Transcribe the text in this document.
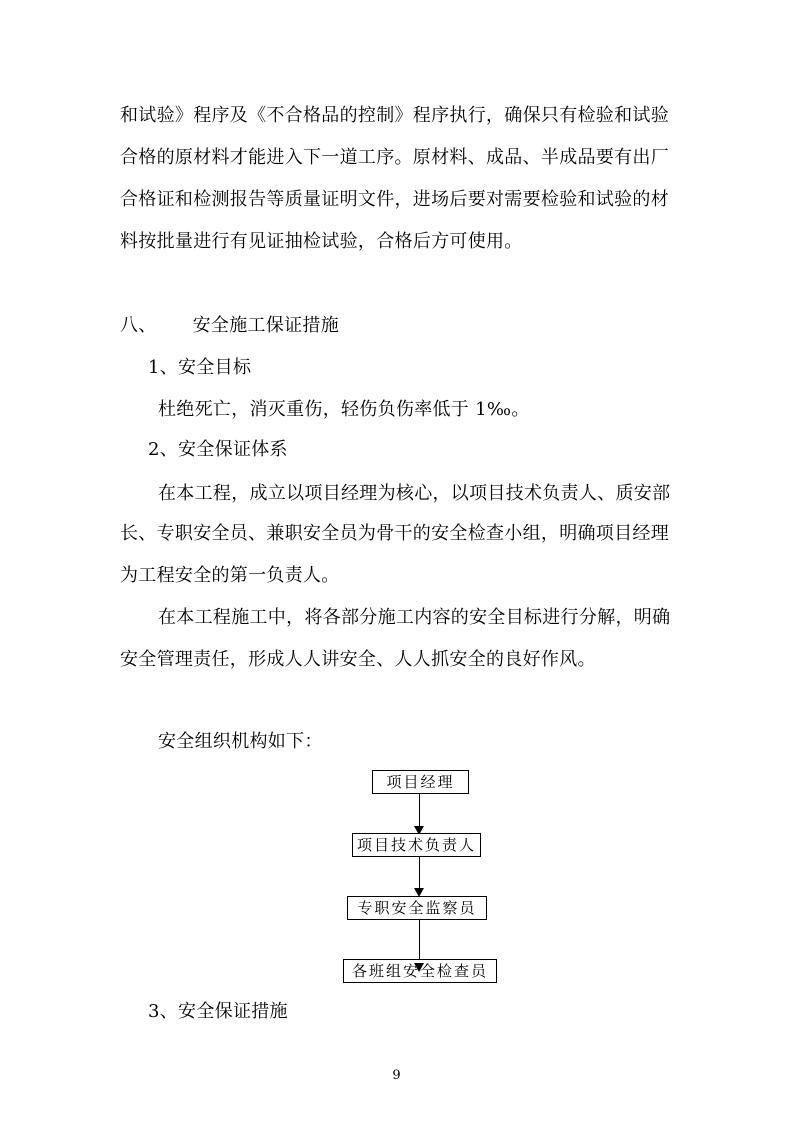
和试验》程序及《不合格品的控制》程序执行，确保只有检验和试验
合格的原材料才能进入下一道工序。原材料、成品、半成品要有出厂
合格证和检测报告等质量证明文件，进场后要对需要检验和试验的材
料按批量进行有见证抽检试验，合格后方可使用。
八、 安全施工保证措施
1、安全目标
杜绝死亡，消灭重伤，轻伤负伤率低于 1‰。
2、安全保证体系
在本工程，成立以项目经理为核心，以项目技术负责人、质安部
长、专职安全员、兼职安全员为骨干的安全检查小组，明确项目经理
为工程安全的第一负责人。
在本工程施工中，将各部分施工内容的安全目标进行分解，明确
安全管理责任，形成人人讲安全、人人抓安全的良好作风。
安全组织机构如下：
项目经理
项目技术负责人
专职安全监察员
各班组安全检查员
3、安全保证措施
9
